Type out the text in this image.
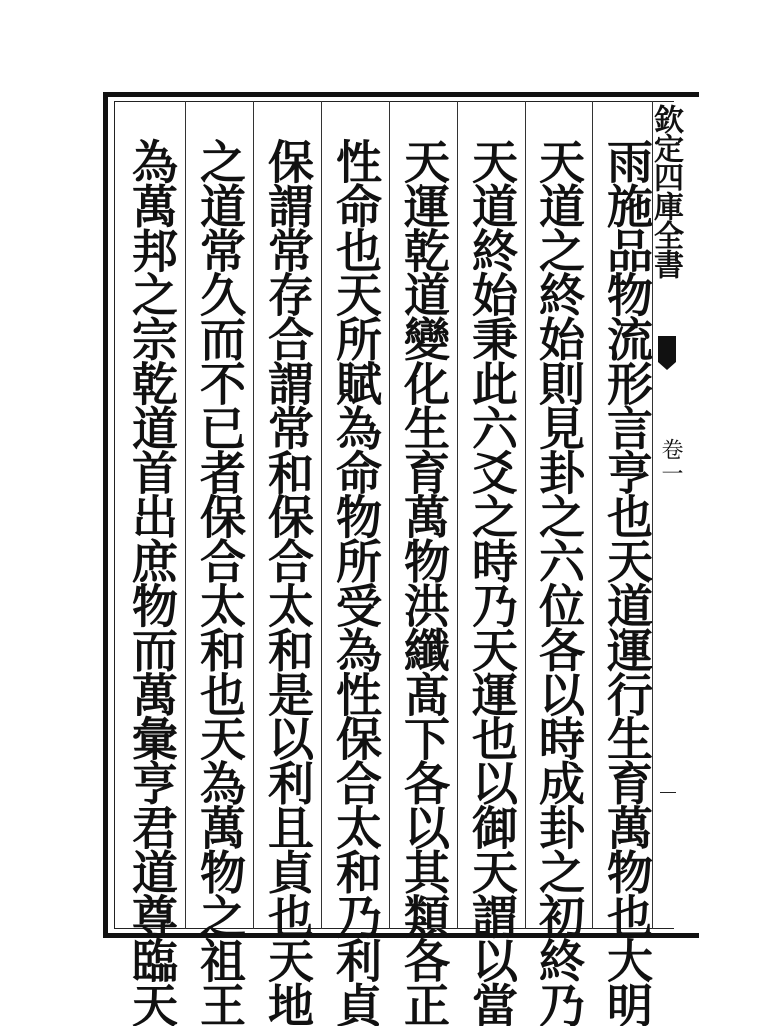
雨施品物流形言亨也天道運行生育萬物也大明
天道之終始則見卦之六位各以時成卦之初終乃
天道終始秉此六爻之時乃天運也以御天謂以當
天運乾道變化生育萬物洪纖髙下各以其類各正
性命也天所賦為命物所受為性保合太和乃利貞
保謂常存合謂常和保合太和是以利且貞也天地
之道常久而不已者保合太和也天為萬物之祖王
為萬邦之宗乾道首出庶物而萬彙亨君道尊臨天	欽定四庫全書
卷一
